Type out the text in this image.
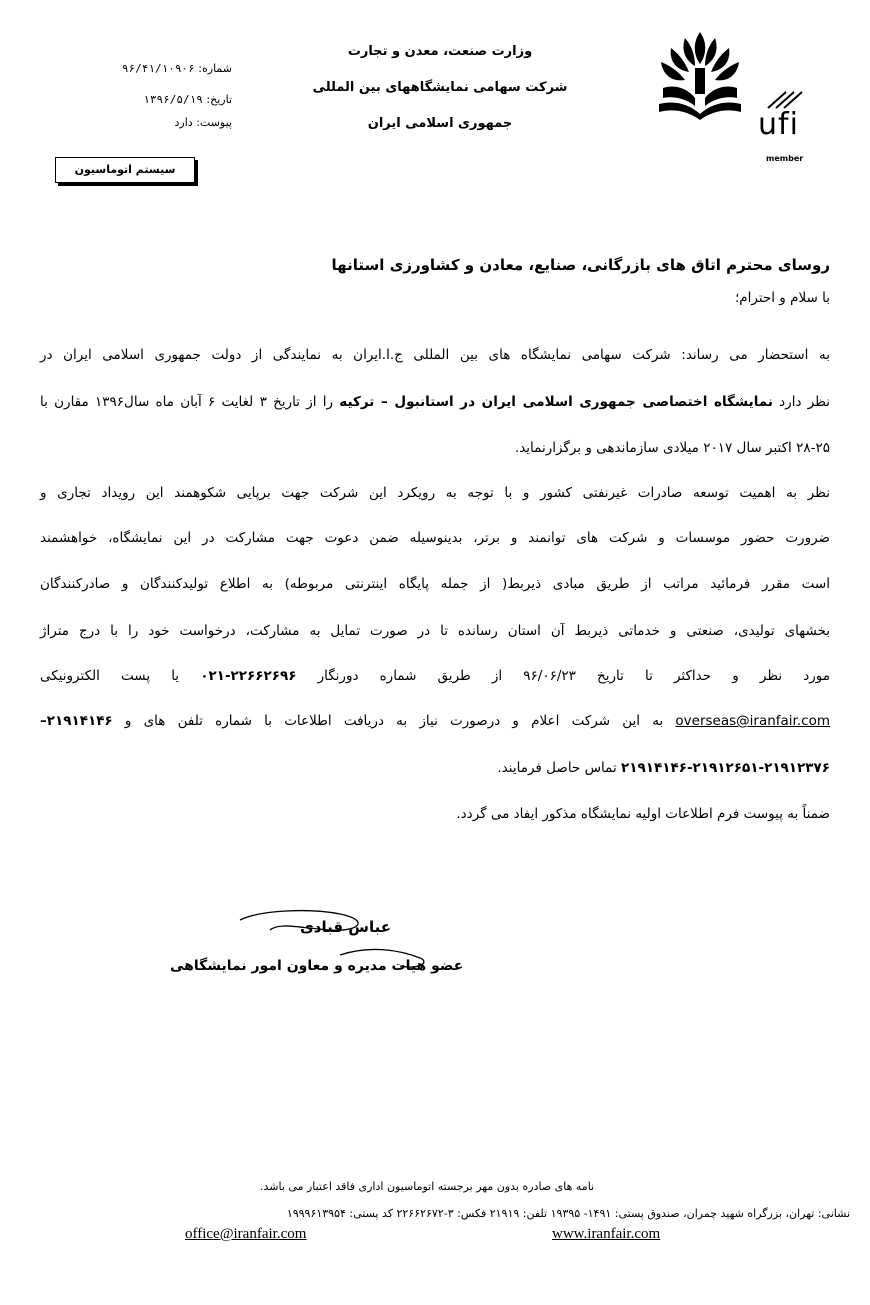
ufi
member
وزارت صنعت، معدن و تجارت
شرکت سهامی نمایشگاههای بین المللی
جمهوری اسلامی ایران
شماره: ۹۶/۴۱/۱۰۹۰۶
تاریخ: ۱۳۹۶/۵/۱۹
پیوست: دارد
سیستم اتوماسیون
روسای محترم اتاق های بازرگانی، صنایع، معادن و کشاورزی استانها
با سلام و احترام؛
به استحضار می رساند: شرکت سهامی نمایشگاه های بین المللی ج.ا.ایران به نمایندگی از دولت جمهوری اسلامی ایران در
نظر دارد نمایشگاه اختصاصی جمهوری اسلامی ایران در استانبول – ترکیه را از تاریخ ۳ لغایت ۶ آبان ماه سال۱۳۹۶ مقارن با
۲۸-۲۵ اکتبر سال ۲۰۱۷ میلادی سازماندهی و برگزارنماید.
نظر به اهمیت توسعه صادرات غیرنفتی کشور و با توجه به رویکرد این شرکت جهت برپایی شکوهمند این رویداد تجاری و
ضرورت حضور موسسات و شرکت های توانمند و برتر، بدینوسیله ضمن دعوت جهت مشارکت در این نمایشگاه، خواهشمند
است مقرر فرمائید مراتب از طریق مبادی ذیربط( از جمله پایگاه اینترنتی مربوطه) به اطلاع تولیدکنندگان و صادرکنندگان
بخشهای تولیدی، صنعتی و خدماتی ذیربط آن استان رسانده تا در صورت تمایل به مشارکت، درخواست خود را با درج متراژ
مورد نظر و حداکثر تا تاریخ ۹۶/۰۶/۲۳ از طریق شماره دورنگار ۲۲۶۶۲۶۹۶-۰۲۱ یا پست الکترونیکی
overseas@iranfair.com به این شرکت اعلام و درصورت نیاز به دریافت اطلاعات با شماره تلفن های و ۲۱۹۱۴۱۴۶–
۲۱۹۱۴۱۴۶-۲۱۹۱۲۶۵۱-۲۱۹۱۲۳۷۶ تماس حاصل فرمایند.
ضمناً به پیوست فرم اطلاعات اولیه نمایشگاه مذکور ایفاد می گردد.
عباس قبادی
عضو هیات مدیره و معاون امور نمایشگاهی
نامه های صادره بدون مهر برجسته اتوماسیون اداری فاقد اعتبار می باشد.
نشانی: تهران، بزرگراه شهید چمران، صندوق پستی: ۱۴۹۱- ۱۹۳۹۵ تلفن: ۲۱۹۱۹ فکس: ۳-۲۲۶۶۲۶۷۲ کد پستی: ۱۹۹۹۶۱۳۹۵۴
office@iranfair.com	www.iranfair.com
